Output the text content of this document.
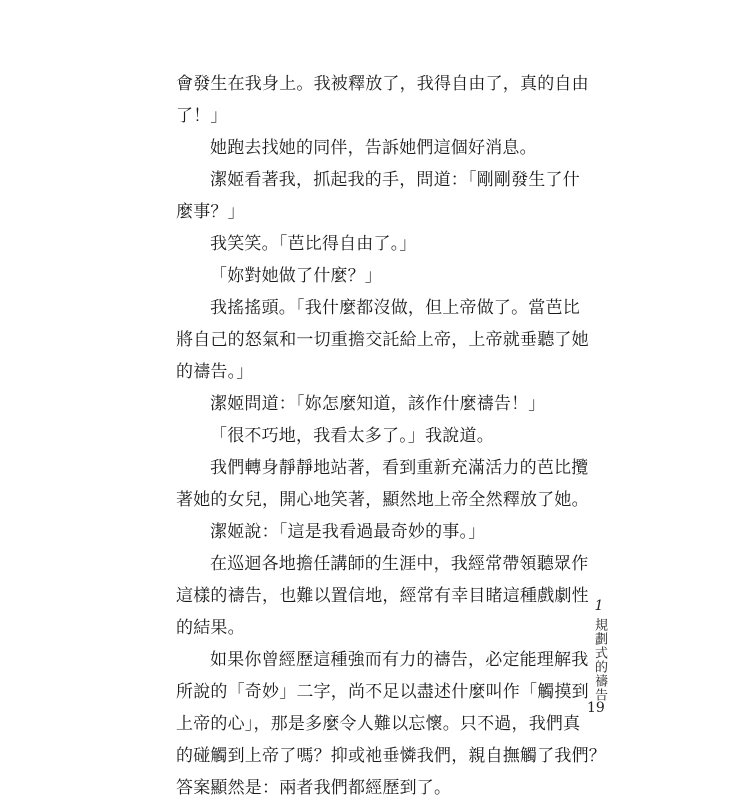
會發生在我身上。我被釋放了，我得自由了，真的自由
了！」
她跑去找她的同伴，告訴她們這個好消息。
潔姬看著我，抓起我的手，問道：「剛剛發生了什
麼事？」
我笑笑。「芭比得自由了。」
「妳對她做了什麼？」
我搖搖頭。「我什麼都沒做，但上帝做了。當芭比
將自己的怒氣和一切重擔交託給上帝，上帝就垂聽了她
的禱告。」
潔姬問道：「妳怎麼知道，該作什麼禱告！」
「很不巧地，我看太多了。」我說道。
我們轉身靜靜地站著，看到重新充滿活力的芭比攬
著她的女兒，開心地笑著，顯然地上帝全然釋放了她。
潔姬說：「這是我看過最奇妙的事。」
在巡迴各地擔任講師的生涯中，我經常帶領聽眾作
這樣的禱告，也難以置信地，經常有幸目睹這種戲劇性
的結果。
如果你曾經歷這種強而有力的禱告，必定能理解我
所說的「奇妙」二字，尚不足以盡述什麼叫作「觸摸到
上帝的心」，那是多麼令人難以忘懷。只不過，我們真
的碰觸到上帝了嗎？抑或祂垂憐我們，親自撫觸了我們？
答案顯然是：兩者我們都經歷到了。
1
規劃式的禱告
19
